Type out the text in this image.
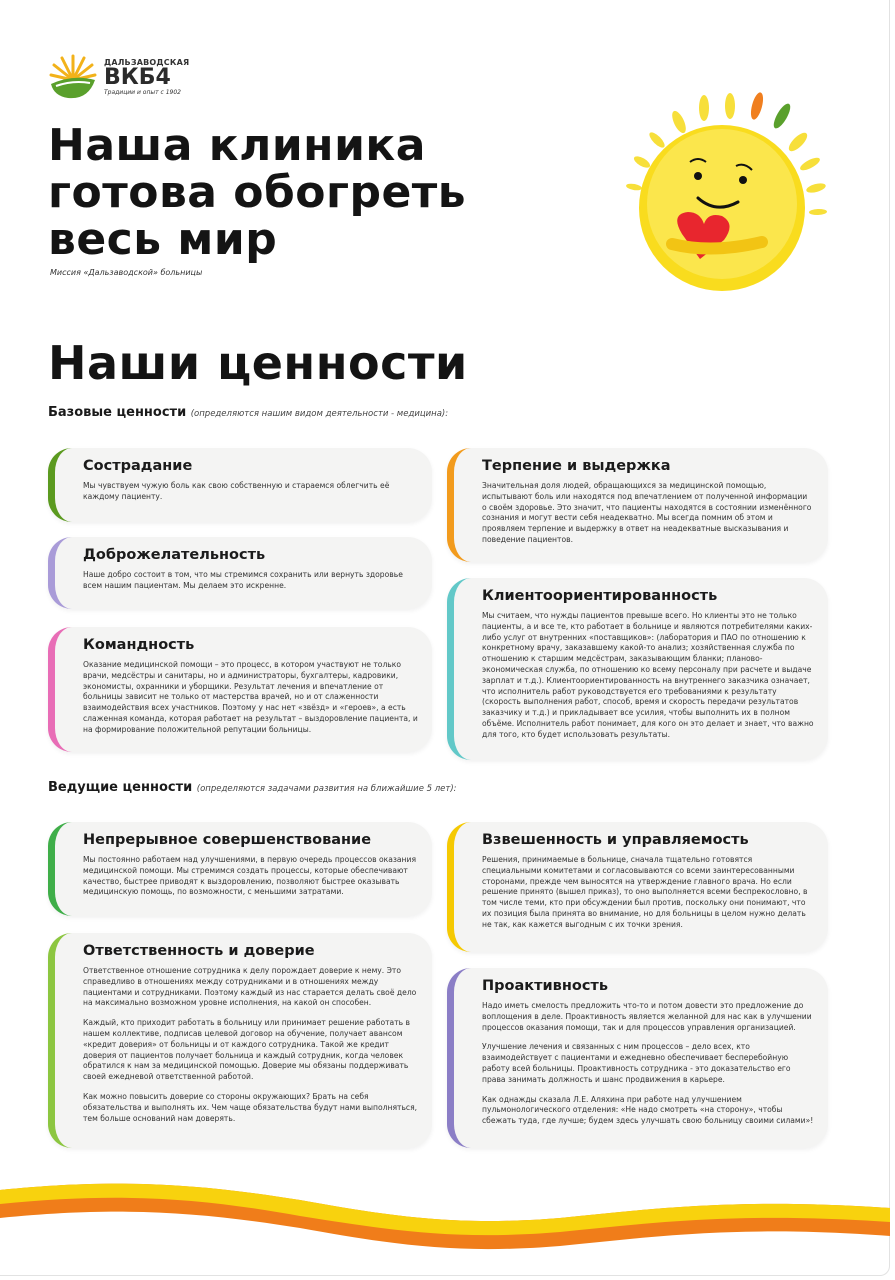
ДАЛЬЗАВОДСКАЯ
ВКБ4
Традиции и опыт с 1902
Наша клиника
готова обогреть
весь мир
Миссия «Дальзаводской» больницы
Наши ценности
Базовые ценности (определяются нашим видом деятельности - медицина):
Ведущие ценности (определяются задачами развития на ближайшие 5 лет):
Сострадание

Мы чувствуем чужую боль как свою собственную и стараемся облегчить её каждому пациенту.

Доброжелательность

Наше добро состоит в том, что мы стремимся сохранить или вернуть здоровье всем нашим пациентам. Мы делаем это искренне.

Командность

Оказание медицинской помощи – это процесс, в котором участвуют не только врачи, медсёстры и санитары, но и администраторы, бухгалтеры, кадровики, экономисты, охранники и уборщики. Результат лечения и впечатление от больницы зависит не только от мастерства врачей, но и от слаженности взаимодействия всех участников. Поэтому у нас нет «звёзд» и «героев», а есть слаженная команда, которая работает на результат – выздоровление пациента, и на формирование положительной репутации больницы.

Терпение и выдержка

Значительная доля людей, обращающихся за медицинской помощью, испытывают боль или находятся под впечатлением от полученной информации о своём здоровье. Это значит, что пациенты находятся в состоянии изменённого сознания и могут вести себя неадекватно. Мы всегда помним об этом и проявляем терпение и выдержку в ответ на неадекватные высказывания и поведение пациентов.

Клиентоориентированность

Мы считаем, что нужды пациентов превыше всего. Но клиенты это не только пациенты, а и все те, кто работает в больнице и являются потребителями каких-либо услуг от внутренних «поставщиков»: (лаборатория и ПАО по отношению к конкретному врачу, заказавшему какой-то анализ; хозяйственная служба по отношению к старшим медсёстрам, заказывающим бланки; планово-экономическая служба, по отношению ко всему персоналу при расчете и выдаче зарплат и т.д.). Клиентоориентированность на внутреннего заказчика означает, что исполнитель работ руководствуется его требованиями к результату (скорость выполнения работ, способ, время и скорость передачи результатов заказчику и т.д.) и прикладывает все усилия, чтобы выполнить их в полном объёме. Исполнитель работ понимает, для кого он это делает и знает, что важно для того, кто будет использовать результаты.

Непрерывное совершенствование

Мы постоянно работаем над улучшениями, в первую очередь процессов оказания медицинской помощи. Мы стремимся создать процессы, которые обеспечивают качество, быстрее приводят к выздоровлению, позволяют быстрее оказывать медицинскую помощь, по возможности, с меньшими затратами.

Ответственность и доверие

Ответственное отношение сотрудника к делу порождает доверие к нему. Это справедливо в отношениях между сотрудниками и в отношениях между пациентами и сотрудниками. Поэтому каждый из нас старается делать своё дело на максимально возможном уровне исполнения, на какой он способен.

Каждый, кто приходит работать в больницу или принимает решение работать в нашем коллективе, подписав целевой договор на обучение, получает авансом «кредит доверия» от больницы и от каждого сотрудника. Такой же кредит доверия от пациентов получает больница и каждый сотрудник, когда человек обратился к нам за медицинской помощью. Доверие мы обязаны поддерживать своей ежедневой ответственной работой.

Как можно повысить доверие со стороны окружающих? Брать на себя обязательства и выполнять их. Чем чаще обязательства будут нами выполняться, тем больше оснований нам доверять.

Взвешенность и управляемость

Решения, принимаемые в больнице, сначала тщательно готовятся специальными комитетами и согласовываются со всеми заинтересованными сторонами, прежде чем выносятся на утверждение главного врача. Но если решение принято (вышел приказ), то оно выполняется всеми беспрекословно, в том числе теми, кто при обсуждении был против, поскольку они понимают, что их позиция была принята во внимание, но для больницы в целом нужно делать не так, как кажется выгодным с их точки зрения.

Проактивность

Надо иметь смелость предложить что-то и потом довести это предложение до воплощения в деле. Проактивность является желанной для нас как в улучшении процессов оказания помощи, так и для процессов управления организацией.

Улучшение лечения и связанных с ним процессов – дело всех, кто взаимодействует с пациентами и ежедневно обеспечивает бесперебойную работу всей больницы. Проактивность сотрудника - это доказательство его права занимать должность и шанс продвижения в карьере.

Как однажды сказала Л.Е. Аляхина при работе над улучшением пульмонологического отделения: «Не надо смотреть «на сторону», чтобы сбежать туда, где лучше; будем здесь улучшать свою больницу своими силами»!
